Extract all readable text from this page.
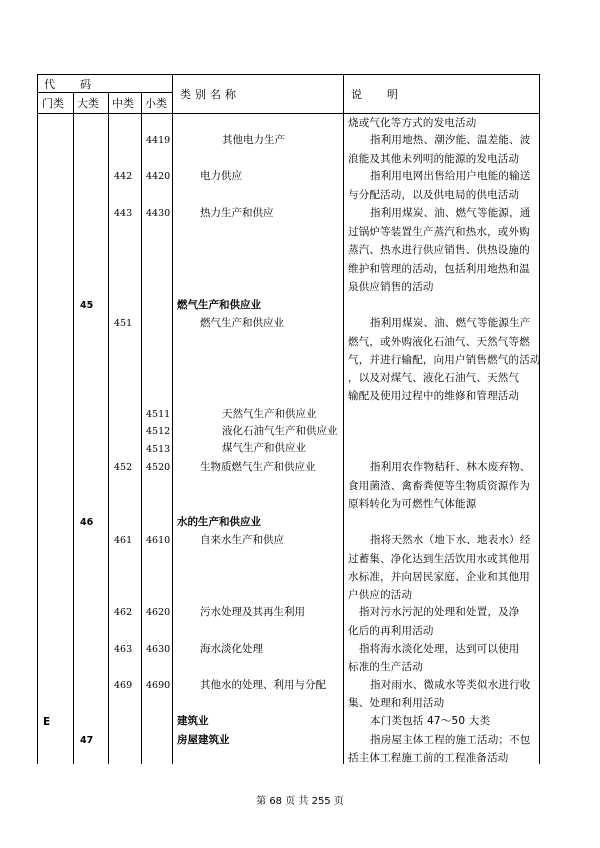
代　　码
门类 大类 中类 小类
类别名称	说　　明
烧或气化等方式的发电活动
4419	其他电力生产	指利用地热、潮汐能、温差能、波
浪能及其他未列明的能源的发电活动
442 4420	电力供应	指利用电网出售给用户电能的输送
与分配活动，以及供电局的供电活动
443 4430	热力生产和供应	指利用煤炭、油、燃气等能源，通
过锅炉等装置生产蒸汽和热水，或外购
蒸汽、热水进行供应销售、供热设施的
维护和管理的活动，包括利用地热和温
泉供应销售的活动
45	燃气生产和供应业
451	燃气生产和供应业	指利用煤炭、油、燃气等能源生产
燃气，或外购液化石油气、天然气等燃
气，并进行输配，向用户销售燃气的活动
，以及对煤气、液化石油气、天然气
输配及使用过程中的维修和管理活动
4511	天然气生产和供应业
4512	液化石油气生产和供应业
4513	煤气生产和供应业
452 4520	生物质燃气生产和供应业	指利用农作物秸秆、林木废弃物、
食用菌渣、禽畜粪便等生物质资源作为
原料转化为可燃性气体能源
46	水的生产和供应业
461 4610	自来水生产和供应	指将天然水（地下水、地表水）经
过蓄集、净化达到生活饮用水或其他用
水标准，并向居民家庭、企业和其他用
户供应的活动
462 4620	污水处理及其再生利用	指对污水污泥的处理和处置，及净
化后的再利用活动
463 4630	海水淡化处理	指将海水淡化处理，达到可以使用
标准的生产活动
469 4690	其他水的处理、利用与分配	指对雨水、微咸水等类似水进行收
集、处理和利用活动
E	建筑业	本门类包括 47～50 大类
47	房屋建筑业	指房屋主体工程的施工活动；不包
括主体工程施工前的工程准备活动
第 68 页 共 255 页
